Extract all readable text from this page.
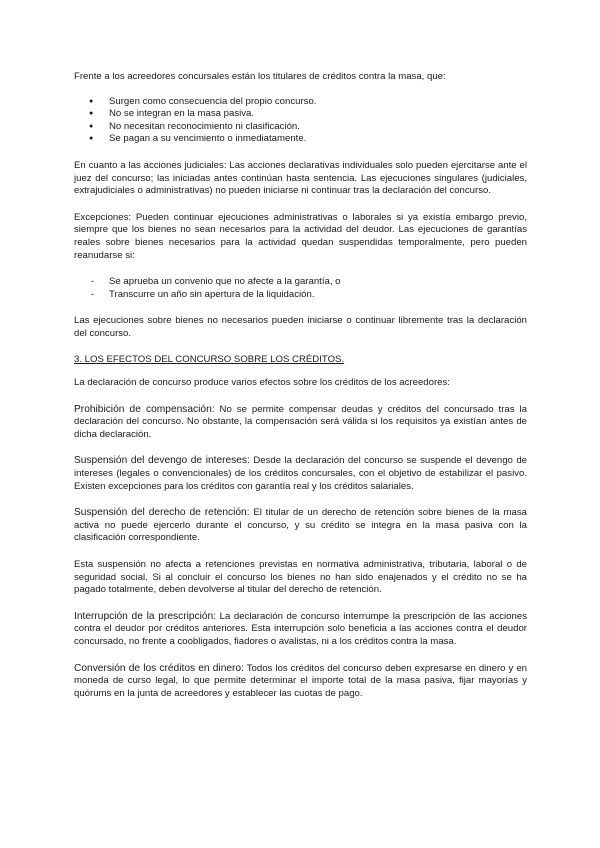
Frente a los acreedores concursales están los titulares de créditos contra la masa, que:

● Surgen como consecuencia del propio concurso.
● No se integran en la masa pasiva.
● No necesitan reconocimiento ni clasificación.
● Se pagan a su vencimiento o inmediatamente.

En cuanto a las acciones judiciales: Las acciones declarativas individuales solo pueden ejercitarse ante el juez del concurso; las iniciadas antes continúan hasta sentencia. Las ejecuciones singulares (judiciales, extrajudiciales o administrativas) no pueden iniciarse ni continuar tras la declaración del concurso.

Excepciones: Pueden continuar ejecuciones administrativas o laborales si ya existía embargo previo, siempre que los bienes no sean necesarios para la actividad del deudor. Las ejecuciones de garantías reales sobre bienes necesarios para la actividad quedan suspendidas temporalmente, pero pueden reanudarse si:

- Se aprueba un convenio que no afecte a la garantía, o
- Transcurre un año sin apertura de la liquidación.

Las ejecuciones sobre bienes no necesarios pueden iniciarse o continuar libremente tras la declaración del concurso.

3. LOS EFECTOS DEL CONCURSO SOBRE LOS CRÉDITOS.

La declaración de concurso produce varios efectos sobre los créditos de los acreedores:

Prohibición de compensación: No se permite compensar deudas y créditos del concursado tras la declaración del concurso. No obstante, la compensación será válida si los requisitos ya existían antes de dicha declaración.

Suspensión del devengo de intereses: Desde la declaración del concurso se suspende el devengo de intereses (legales o convencionales) de los créditos concursales, con el objetivo de estabilizar el pasivo. Existen excepciones para los créditos con garantía real y los créditos salariales.

Suspensión del derecho de retención: El titular de un derecho de retención sobre bienes de la masa activa no puede ejercerlo durante el concurso, y su crédito se integra en la masa pasiva con la clasificación correspondiente.

Esta suspensión no afecta a retenciones previstas en normativa administrativa, tributaria, laboral o de seguridad social. Si al concluir el concurso los bienes no han sido enajenados y el crédito no se ha pagado totalmente, deben devolverse al titular del derecho de retención.

Interrupción de la prescripción: La declaración de concurso interrumpe la prescripción de las acciones contra el deudor por créditos anteriores. Esta interrupción solo beneficia a las acciones contra el deudor concursado, no frente a coobligados, fiadores o avalistas, ni a los créditos contra la masa.

Conversión de los créditos en dinero: Todos los créditos del concurso deben expresarse en dinero y en moneda de curso legal, lo que permite determinar el importe total de la masa pasiva, fijar mayorías y quórums en la junta de acreedores y establecer las cuotas de pago.
